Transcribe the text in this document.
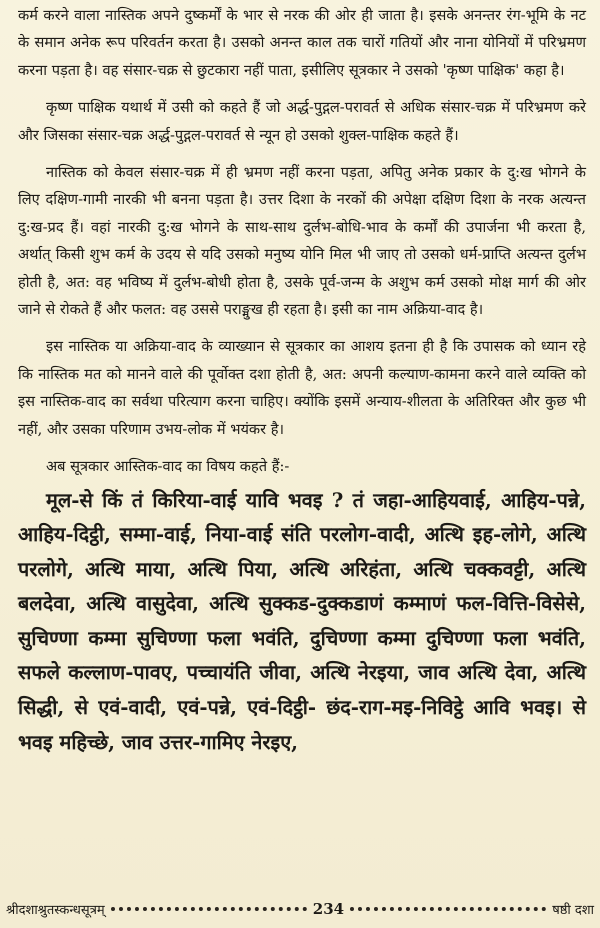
कर्म करने वाला नास्तिक अपने दुष्कर्मों के भार से नरक की ओर ही जाता है। इसके अनन्तर रंग-भूमि के नट के समान अनेक रूप परिवर्तन करता है। उसको अनन्त काल तक चारों गतियों और नाना योनियों में परिभ्रमण करना पड़ता है। वह संसार-चक्र से छुटकारा नहीं पाता, इसीलिए सूत्रकार ने उसको 'कृष्ण पाक्षिक' कहा है।

कृष्ण पाक्षिक यथार्थ में उसी को कहते हैं जो अर्द्ध-पुद्गल-परावर्त से अधिक संसार-चक्र में परिभ्रमण करे और जिसका संसार-चक्र अर्द्ध-पुद्गल-परावर्त से न्यून हो उसको शुक्ल-पाक्षिक कहते हैं।

नास्तिक को केवल संसार-चक्र में ही भ्रमण नहीं करना पड़ता, अपितु अनेक प्रकार के दु:ख भोगने के लिए दक्षिण-गामी नारकी भी बनना पड़ता है। उत्तर दिशा के नरकों की अपेक्षा दक्षिण दिशा के नरक अत्यन्त दु:ख-प्रद हैं। वहां नारकी दु:ख भोगने के साथ-साथ दुर्लभ-बोधि-भाव के कर्मों की उपार्जना भी करता है, अर्थात् किसी शुभ कर्म के उदय से यदि उसको मनुष्य योनि मिल भी जाए तो उसको धर्म-प्राप्ति अत्यन्त दुर्लभ होती है, अत: वह भविष्य में दुर्लभ-बोधी होता है, उसके पूर्व-जन्म के अशुभ कर्म उसको मोक्ष मार्ग की ओर जाने से रोकते हैं और फलत: वह उससे पराङ्मुख ही रहता है। इसी का नाम अक्रिया-वाद है।

इस नास्तिक या अक्रिया-वाद के व्याख्यान से सूत्रकार का आशय इतना ही है कि उपासक को ध्यान रहे कि नास्तिक मत को मानने वाले की पूर्वोक्त दशा होती है, अत: अपनी कल्याण-कामना करने वाले व्यक्ति को इस नास्तिक-वाद का सर्वथा परित्याग करना चाहिए। क्योंकि इसमें अन्याय-शीलता के अतिरिक्त और कुछ भी नहीं, और उसका परिणाम उभय-लोक में भयंकर है।

अब सूत्रकार आस्तिक-वाद का विषय कहते हैं:-

मूल-से किं तं किरिया-वाई यावि भवइ ? तं जहा-आहियवाई, आहिय-पन्ने, आहिय-दिट्ठी, सम्मा-वाई, निया-वाई संति परलोग-वादी, अत्थि इह-लोगे, अत्थि परलोगे, अत्थि माया, अत्थि पिया, अत्थि अरिहंता, अत्थि चक्कवट्टी, अत्थि बलदेवा, अत्थि वासुदेवा, अत्थि सुक्कड-दुक्कडाणं कम्माणं फल-वित्ति-विसेसे, सुचिण्णा कम्मा सुचिण्णा फला भवंति, दुचिण्णा कम्मा दुचिण्णा फला भवंति, सफले कल्लाण-पावए, पच्चायंति जीवा, अत्थि नेरइया, जाव अत्थि देवा, अत्थि सिद्धी, से एवं-वादी, एवं-पन्ने, एवं-दिट्ठी- छंद-राग-मइ-निविट्ठे आवि भवइ। से भवइ महिच्छे, जाव उत्तर-गामिए नेरइए,

श्रीदशाश्रुतस्कन्धसूत्रम्	234	षष्ठी दशा
